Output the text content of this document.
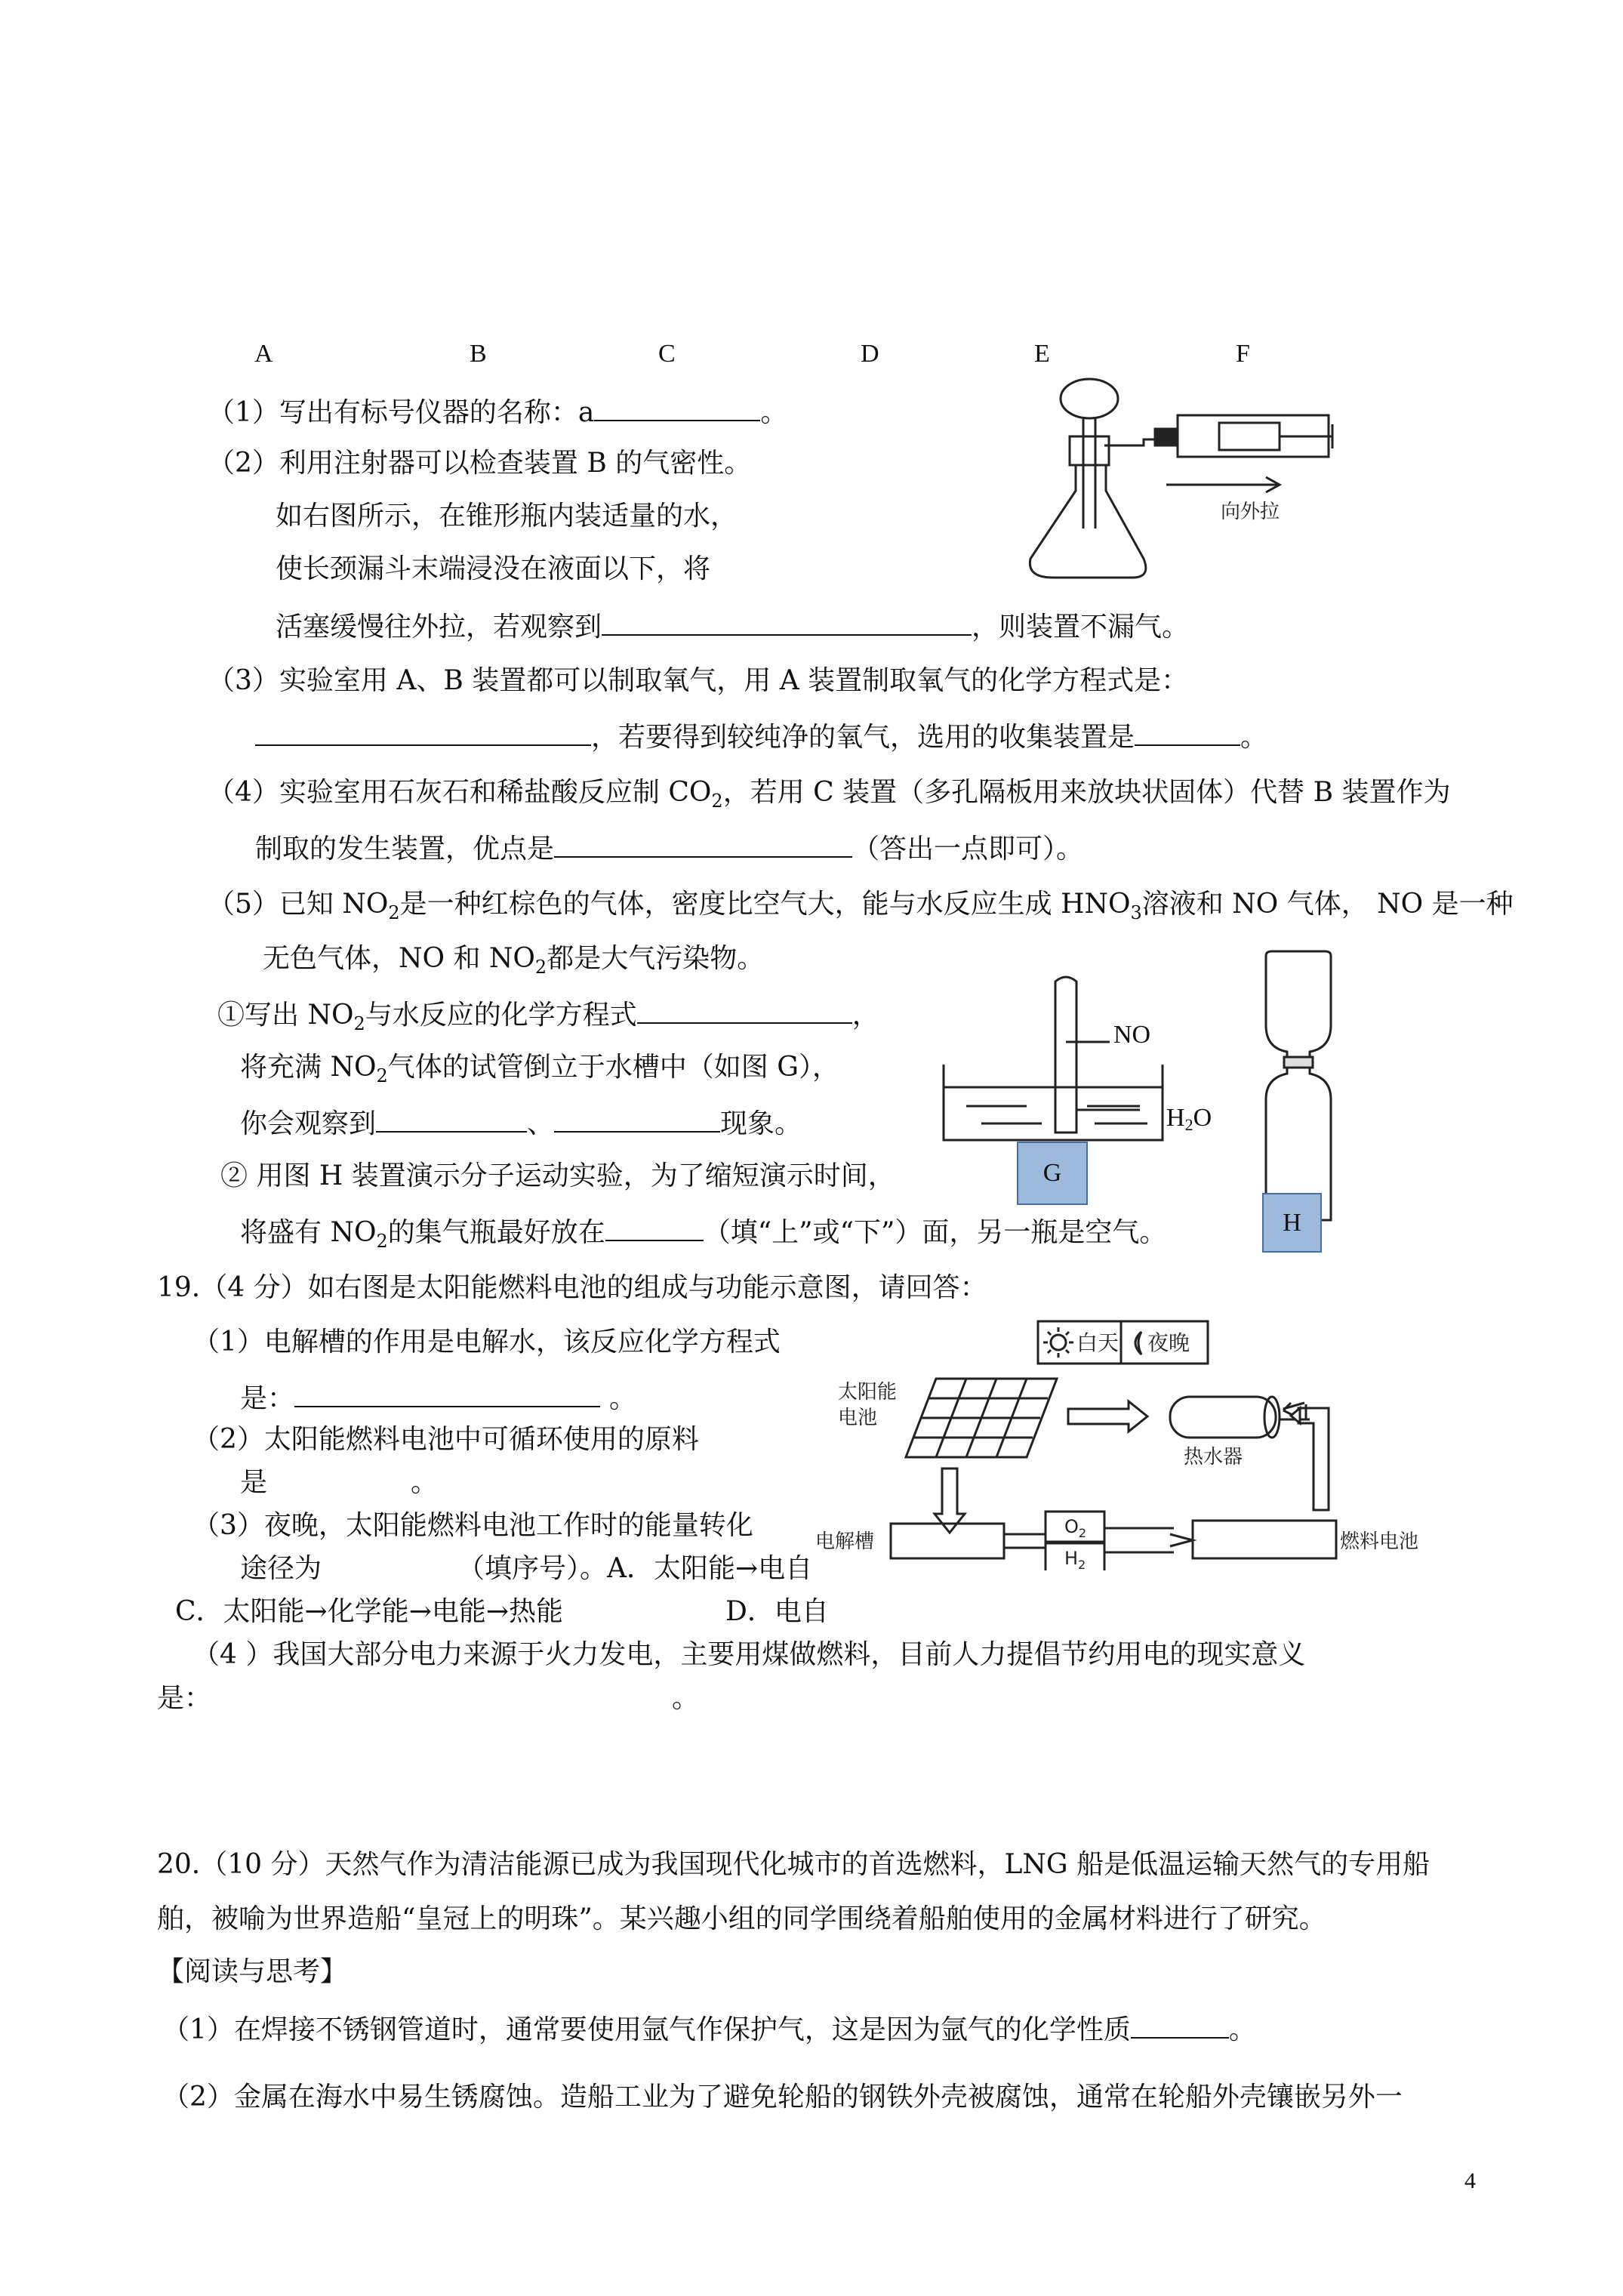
A	B	C	D	E	F
（1）写出有标号仪器的名称：a	。
（2）利用注射器可以检查装置 B 的气密性。
如右图所示，在锥形瓶内装适量的水，
使长颈漏斗末端浸没在液面以下，将
活塞缓慢往外拉，若观察到	，则装置不漏气。
向外拉
（3）实验室用 A、B 装置都可以制取氧气，用 A 装置制取氧气的化学方程式是：
，若要得到较纯净的氧气，选用的收集装置是	。
（4）实验室用石灰石和稀盐酸反应制 $CO_2$，若用 C 装置（多孔隔板用来放块状固体）代替 B 装置作为
制取的发生装置，优点是	（答出一点即可）。
（5）已知 $NO_2$是一种红棕色的气体，密度比空气大，能与水反应生成 $HNO_3$溶液和 NO 气体， NO 是一种
无色气体，NO 和 $NO_2$都是大气污染物。
①写出 $NO_2$与水反应的化学方程式	，
将充满 $NO_2$气体的试管倒立于水槽中（如图 G），
你会观察到	、	现象。
② 用图 H 装置演示分子运动实验，为了缩短演示时间，
将盛有 $NO_2$的集气瓶最好放在	（填“上”或“下”）面，另一瓶是空气。
NO
H2O
G
H
19.（4 分）如右图是太阳能燃料电池的组成与功能示意图，请回答：
（1）电解槽的作用是电解水，该反应化学方程式
是：	。
（2）太阳能燃料电池中可循环使用的原料
是	。
（3）夜晚，太阳能燃料电池工作时的能量转化
途径为	（填序号）。A．太阳能→电自
C．太阳能→化学能→电能→热能	D．电自
（4 ）我国大部分电力来源于火力发电，主要用煤做燃料，目前人力提倡节约用电的现实意义
是：	。
白天 夜晚
太阳能
电池
热水器
电解槽	燃料电池
$O_2$
$H_2$
20.（10 分）天然气作为清洁能源已成为我国现代化城市的首选燃料，LNG 船是低温运输天然气的专用船
舶，被喻为世界造船“皇冠上的明珠”。某兴趣小组的同学围绕着船舶使用的金属材料进行了研究。
【阅读与思考】
（1）在焊接不锈钢管道时，通常要使用氩气作保护气，这是因为氩气的化学性质	。
（2）金属在海水中易生锈腐蚀。造船工业为了避免轮船的钢铁外壳被腐蚀，通常在轮船外壳镶嵌另外一
4
